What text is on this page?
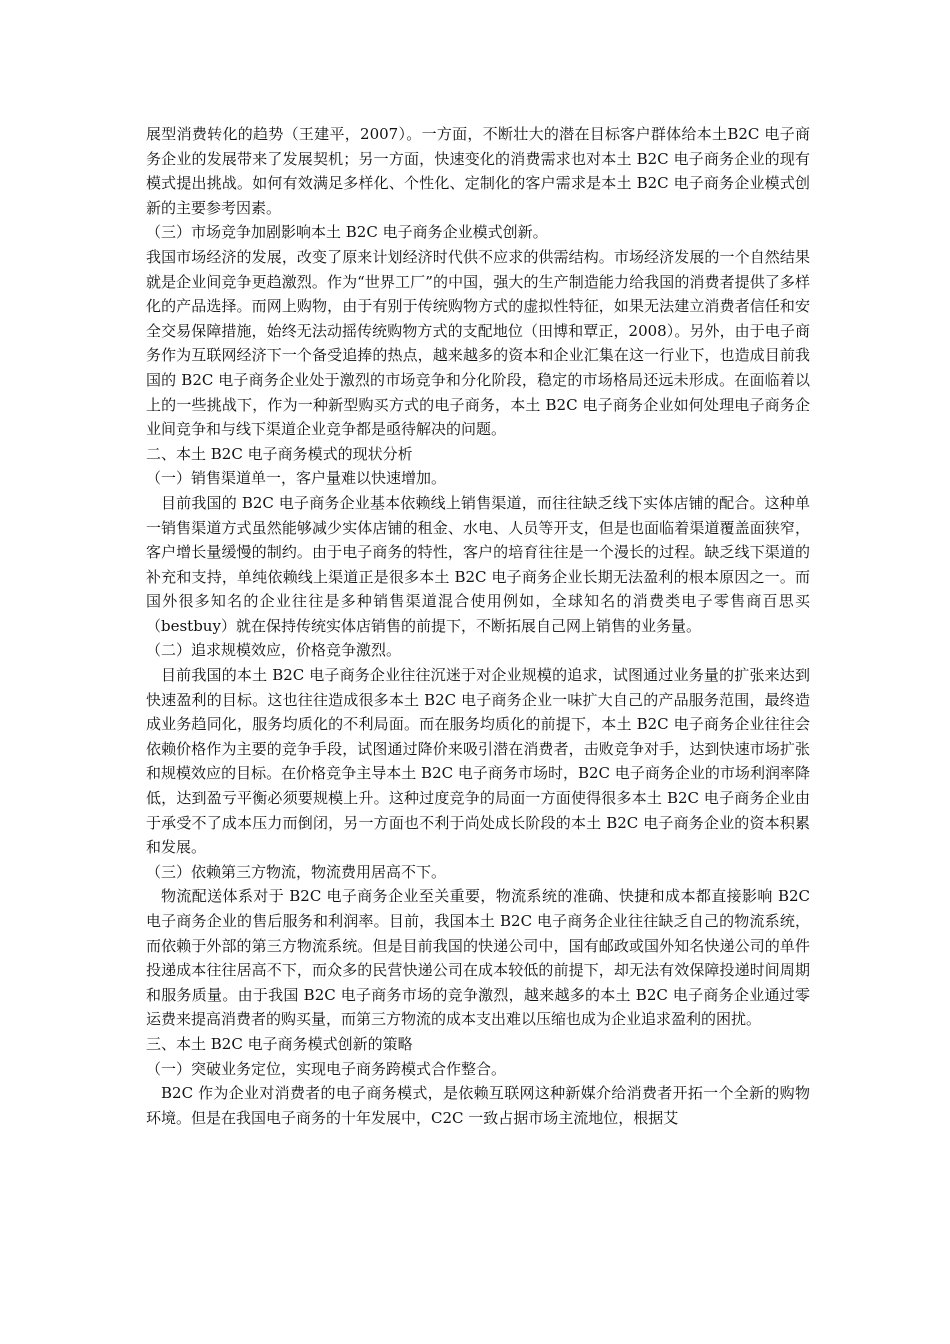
展型消费转化的趋势（王建平，2007）。一方面，不断壮大的潜在目标客户群体给本土B2C 电子商务企业的发展带来了发展契机；另一方面，快速变化的消费需求也对本土 B2C 电子商务企业的现有模式提出挑战。如何有效满足多样化、个性化、定制化的客户需求是本土 B2C 电子商务企业模式创新的主要参考因素。

（三）市场竞争加剧影响本土 B2C 电子商务企业模式创新。

我国市场经济的发展，改变了原来计划经济时代供不应求的供需结构。市场经济发展的一个自然结果就是企业间竞争更趋激烈。作为“世界工厂”的中国，强大的生产制造能力给我国的消费者提供了多样化的产品选择。而网上购物，由于有别于传统购物方式的虚拟性特征，如果无法建立消费者信任和安全交易保障措施，始终无法动摇传统购物方式的支配地位（田博和覃正，2008）。另外，由于电子商务作为互联网经济下一个备受追捧的热点，越来越多的资本和企业汇集在这一行业下，也造成目前我国的 B2C 电子商务企业处于激烈的市场竞争和分化阶段，稳定的市场格局还远未形成。在面临着以上的一些挑战下，作为一种新型购买方式的电子商务，本土 B2C 电子商务企业如何处理电子商务企业间竞争和与线下渠道企业竞争都是亟待解决的问题。

二、本土 B2C 电子商务模式的现状分析

（一）销售渠道单一，客户量难以快速增加。

目前我国的 B2C 电子商务企业基本依赖线上销售渠道，而往往缺乏线下实体店铺的配合。这种单一销售渠道方式虽然能够减少实体店铺的租金、水电、人员等开支，但是也面临着渠道覆盖面狭窄，客户增长量缓慢的制约。由于电子商务的特性，客户的培育往往是一个漫长的过程。缺乏线下渠道的补充和支持，单纯依赖线上渠道正是很多本土 B2C 电子商务企业长期无法盈利的根本原因之一。而国外很多知名的企业往往是多种销售渠道混合使用例如，全球知名的消费类电子零售商百思买（bestbuy）就在保持传统实体店销售的前提下，不断拓展自己网上销售的业务量。

（二）追求规模效应，价格竞争激烈。

目前我国的本土 B2C 电子商务企业往往沉迷于对企业规模的追求，试图通过业务量的扩张来达到快速盈利的目标。这也往往造成很多本土 B2C 电子商务企业一味扩大自己的产品服务范围，最终造成业务趋同化，服务均质化的不利局面。而在服务均质化的前提下，本土 B2C 电子商务企业往往会依赖价格作为主要的竞争手段，试图通过降价来吸引潜在消费者，击败竞争对手，达到快速市场扩张和规模效应的目标。在价格竞争主导本土 B2C 电子商务市场时，B2C 电子商务企业的市场利润率降低，达到盈亏平衡必须要规模上升。这种过度竞争的局面一方面使得很多本土 B2C 电子商务企业由于承受不了成本压力而倒闭，另一方面也不利于尚处成长阶段的本土 B2C 电子商务企业的资本积累和发展。

（三）依赖第三方物流，物流费用居高不下。

物流配送体系对于 B2C 电子商务企业至关重要，物流系统的准确、快捷和成本都直接影响 B2C 电子商务企业的售后服务和利润率。目前，我国本土 B2C 电子商务企业往往缺乏自己的物流系统，而依赖于外部的第三方物流系统。但是目前我国的快递公司中，国有邮政或国外知名快递公司的单件投递成本往往居高不下，而众多的民营快递公司在成本较低的前提下，却无法有效保障投递时间周期和服务质量。由于我国 B2C 电子商务市场的竞争激烈，越来越多的本土 B2C 电子商务企业通过零运费来提高消费者的购买量，而第三方物流的成本支出难以压缩也成为企业追求盈利的困扰。

三、本土 B2C 电子商务模式创新的策略

（一）突破业务定位，实现电子商务跨模式合作整合。

B2C 作为企业对消费者的电子商务模式，是依赖互联网这种新媒介给消费者开拓一个全新的购物环境。但是在我国电子商务的十年发展中，C2C 一致占据市场主流地位，根据艾
